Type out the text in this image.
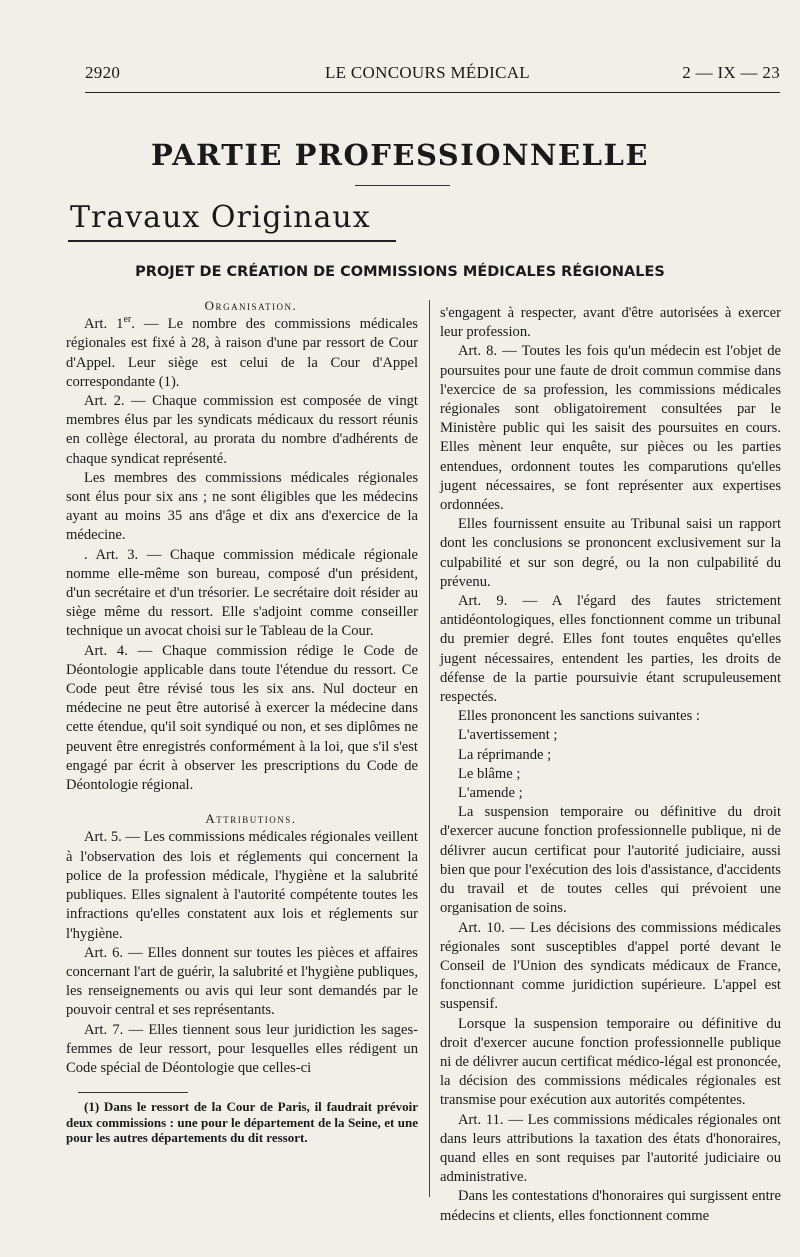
2920	LE CONCOURS MÉDICAL	2 — IX — 23
PARTIE PROFESSIONNELLE
Travaux Originaux
PROJET DE CRÉATION DE COMMISSIONS MÉDICALES RÉGIONALES

Organisation.

Art. 1er. — Le nombre des commissions médicales régionales est fixé à 28, à raison d'une par ressort de Cour d'Appel. Leur siège est celui de la Cour d'Appel correspondante (1).

Art. 2. — Chaque commission est composée de vingt membres élus par les syndicats médicaux du ressort réunis en collège électoral, au prorata du nombre d'adhérents de chaque syndicat représenté.

Les membres des commissions médicales régionales sont élus pour six ans ; ne sont éligibles que les médecins ayant au moins 35 ans d'âge et dix ans d'exercice de la médecine.

. Art. 3. — Chaque commission médicale régionale nomme elle-même son bureau, composé d'un président, d'un secrétaire et d'un trésorier. Le secrétaire doit résider au siège même du ressort. Elle s'adjoint comme conseiller technique un avocat choisi sur le Tableau de la Cour.

Art. 4. — Chaque commission rédige le Code de Déontologie applicable dans toute l'étendue du ressort. Ce Code peut être révisé tous les six ans. Nul docteur en médecine ne peut être autorisé à exercer la médecine dans cette étendue, qu'il soit syndiqué ou non, et ses diplômes ne peuvent être enregistrés conformément à la loi, que s'il s'est engagé par écrit à observer les prescriptions du Code de Déontologie régional.

Attributions.

Art. 5. — Les commissions médicales régionales veillent à l'observation des lois et réglements qui concernent la police de la profession médicale, l'hygiène et la salubrité publiques. Elles signalent à l'autorité compétente toutes les infractions qu'elles constatent aux lois et réglements sur l'hygiène.

Art. 6. — Elles donnent sur toutes les pièces et affaires concernant l'art de guérir, la salubrité et l'hygiène publiques, les renseignements ou avis qui leur sont demandés par le pouvoir central et ses représentants.

Art. 7. — Elles tiennent sous leur juridiction les sages-femmes de leur ressort, pour lesquelles elles rédigent un Code spécial de Déontologie que celles-ci

(1) Dans le ressort de la Cour de Paris, il faudrait prévoir deux commissions : une pour le département de la Seine, et une pour les autres départements du dit ressort.

s'engagent à respecter, avant d'être autorisées à exercer leur profession.

Art. 8. — Toutes les fois qu'un médecin est l'objet de poursuites pour une faute de droit commun commise dans l'exercice de sa profession, les commissions médicales régionales sont obligatoirement consultées par le Ministère public qui les saisit des poursuites en cours. Elles mènent leur enquête, sur pièces ou les parties entendues, ordonnent toutes les comparutions qu'elles jugent nécessaires, se font représenter aux expertises ordonnées.

Elles fournissent ensuite au Tribunal saisi un rapport dont les conclusions se prononcent exclusivement sur la culpabilité et sur son degré, ou la non culpabilité du prévenu.

Art. 9. — A l'égard des fautes strictement antidéontologiques, elles fonctionnent comme un tribunal du premier degré. Elles font toutes enquêtes qu'elles jugent nécessaires, entendent les parties, les droits de défense de la partie poursuivie étant scrupuleusement respectés.

Elles prononcent les sanctions suivantes :

L'avertissement ;

La réprimande ;

Le blâme ;

L'amende ;

La suspension temporaire ou définitive du droit d'exercer aucune fonction professionnelle publique, ni de délivrer aucun certificat pour l'autorité judiciaire, aussi bien que pour l'exécution des lois d'assistance, d'accidents du travail et de toutes celles qui prévoient une organisation de soins.

Art. 10. — Les décisions des commissions médicales régionales sont susceptibles d'appel porté devant le Conseil de l'Union des syndicats médicaux de France, fonctionnant comme juridiction supérieure. L'appel est suspensif.

Lorsque la suspension temporaire ou définitive du droit d'exercer aucune fonction professionnelle publique ni de délivrer aucun certificat médico-légal est prononcée, la décision des commissions médicales régionales est transmise pour exécution aux autorités compétentes.

Art. 11. — Les commissions médicales régionales ont dans leurs attributions la taxation des états d'honoraires, quand elles en sont requises par l'autorité judiciaire ou administrative.

Dans les contestations d'honoraires qui surgissent entre médecins et clients, elles fonctionnent comme
